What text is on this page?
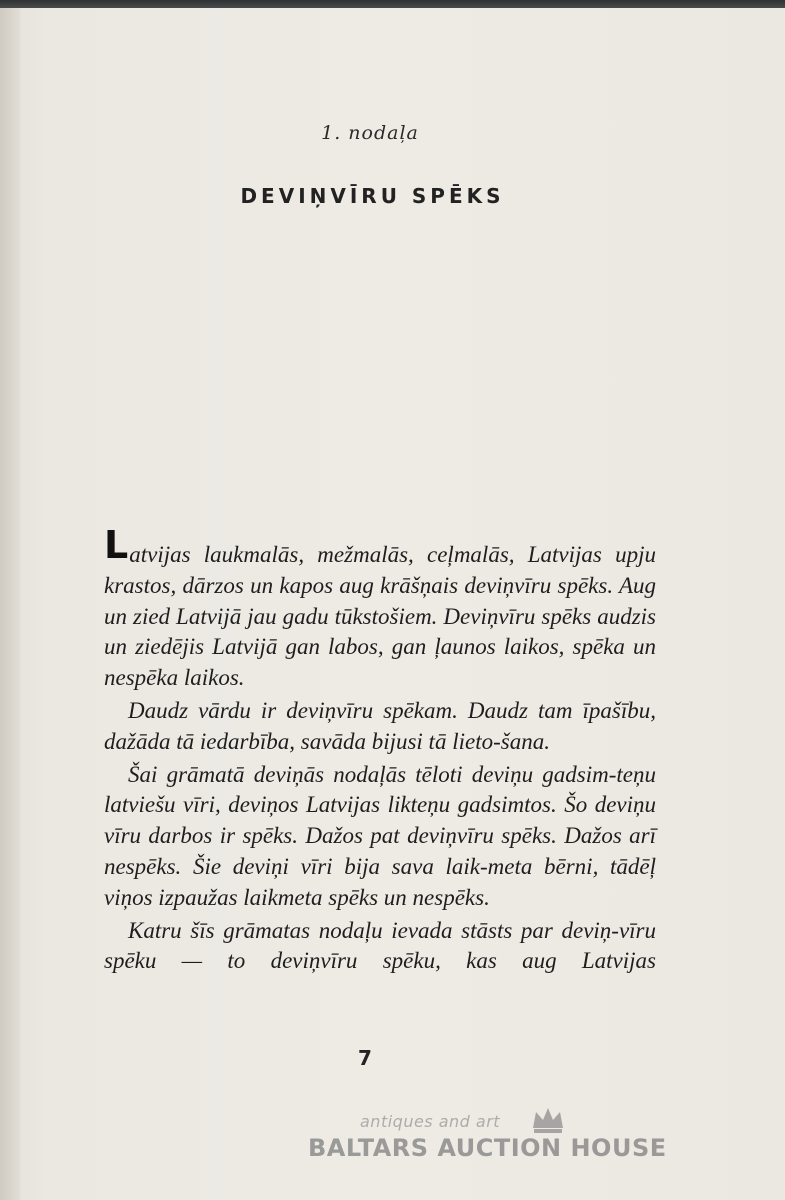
1. nodaļa
DEVIŅVĪRU SPĒKS

Latvijas laukmalās, mežmalās, ceļmalās, Latvijas upju krastos, dārzos un kapos aug krāšņais deviņvīru spēks. Aug un zied Latvijā jau gadu tūkstošiem. Deviņvīru spēks audzis un ziedējis Latvijā gan labos, gan ļaunos laikos, spēka un nespēka laikos.

Daudz vārdu ir deviņvīru spēkam. Daudz tam īpašību, dažāda tā iedarbība, savāda bijusi tā lieto-šana.

Šai grāmatā deviņās nodaļās tēloti deviņu gadsim-teņu latviešu vīri, deviņos Latvijas likteņu gadsimtos. Šo deviņu vīru darbos ir spēks. Dažos pat deviņvīru spēks. Dažos arī nespēks. Šie deviņi vīri bija sava laik-meta bērni, tādēļ viņos izpaužas laikmeta spēks un nespēks.

Katru šīs grāmatas nodaļu ievada stāsts par deviņ-vīru spēku — to deviņvīru spēku, kas aug Latvijas

7
antiques and art
BALTARS AUCTION HOUSE
